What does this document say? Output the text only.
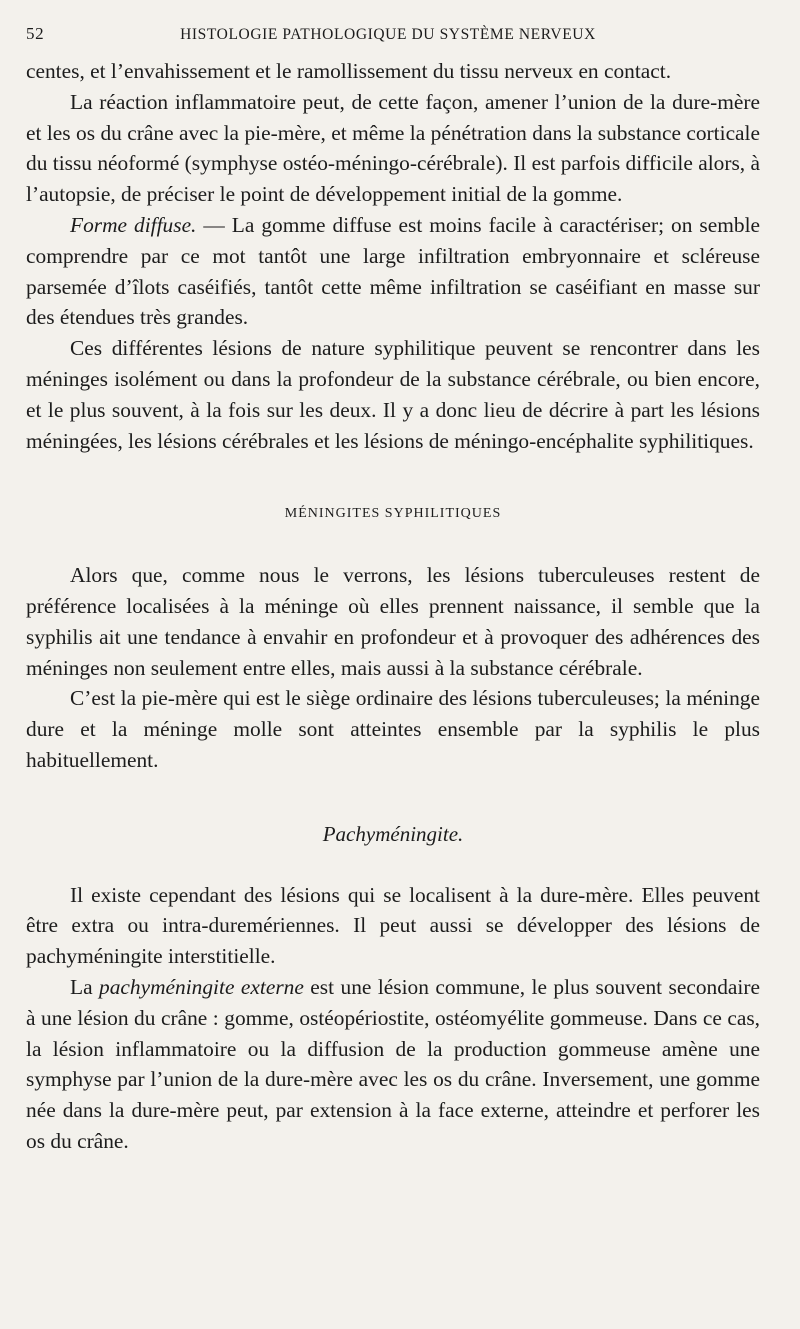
52	HISTOLOGIE PATHOLOGIQUE DU SYSTÈME NERVEUX

centes, et l’envahissement et le ramollissement du tissu nerveux en contact.

La réaction inflammatoire peut, de cette façon, amener l’union de la dure-mère et les os du crâne avec la pie-mère, et même la pénétration dans la substance corticale du tissu néoformé (symphyse ostéo-méningo-cérébrale). Il est parfois difficile alors, à l’autopsie, de préciser le point de développement initial de la gomme.

Forme diffuse. — La gomme diffuse est moins facile à caractériser; on semble comprendre par ce mot tantôt une large infiltration embryonnaire et scléreuse parsemée d’îlots caséifiés, tantôt cette même infiltration se caséifiant en masse sur des étendues très grandes.

Ces différentes lésions de nature syphilitique peuvent se rencontrer dans les méninges isolément ou dans la profondeur de la substance cérébrale, ou bien encore, et le plus souvent, à la fois sur les deux. Il y a donc lieu de décrire à part les lésions méningées, les lésions cérébrales et les lésions de méningo-encéphalite syphilitiques.

MÉNINGITES SYPHILITIQUES

Alors que, comme nous le verrons, les lésions tuberculeuses restent de préférence localisées à la méninge où elles prennent naissance, il semble que la syphilis ait une tendance à envahir en profondeur et à provoquer des adhérences des méninges non seulement entre elles, mais aussi à la substance cérébrale.

C’est la pie-mère qui est le siège ordinaire des lésions tuberculeuses; la méninge dure et la méninge molle sont atteintes ensemble par la syphilis le plus habituellement.

Pachyméningite.

Il existe cependant des lésions qui se localisent à la dure-mère. Elles peuvent être extra ou intra-duremériennes. Il peut aussi se développer des lésions de pachyméningite interstitielle.

La pachyméningite externe est une lésion commune, le plus souvent secondaire à une lésion du crâne : gomme, ostéopériostite, ostéomyélite gommeuse. Dans ce cas, la lésion inflammatoire ou la diffusion de la production gommeuse amène une symphyse par l’union de la dure-mère avec les os du crâne. Inversement, une gomme née dans la dure-mère peut, par extension à la face externe, atteindre et perforer les os du crâne.
